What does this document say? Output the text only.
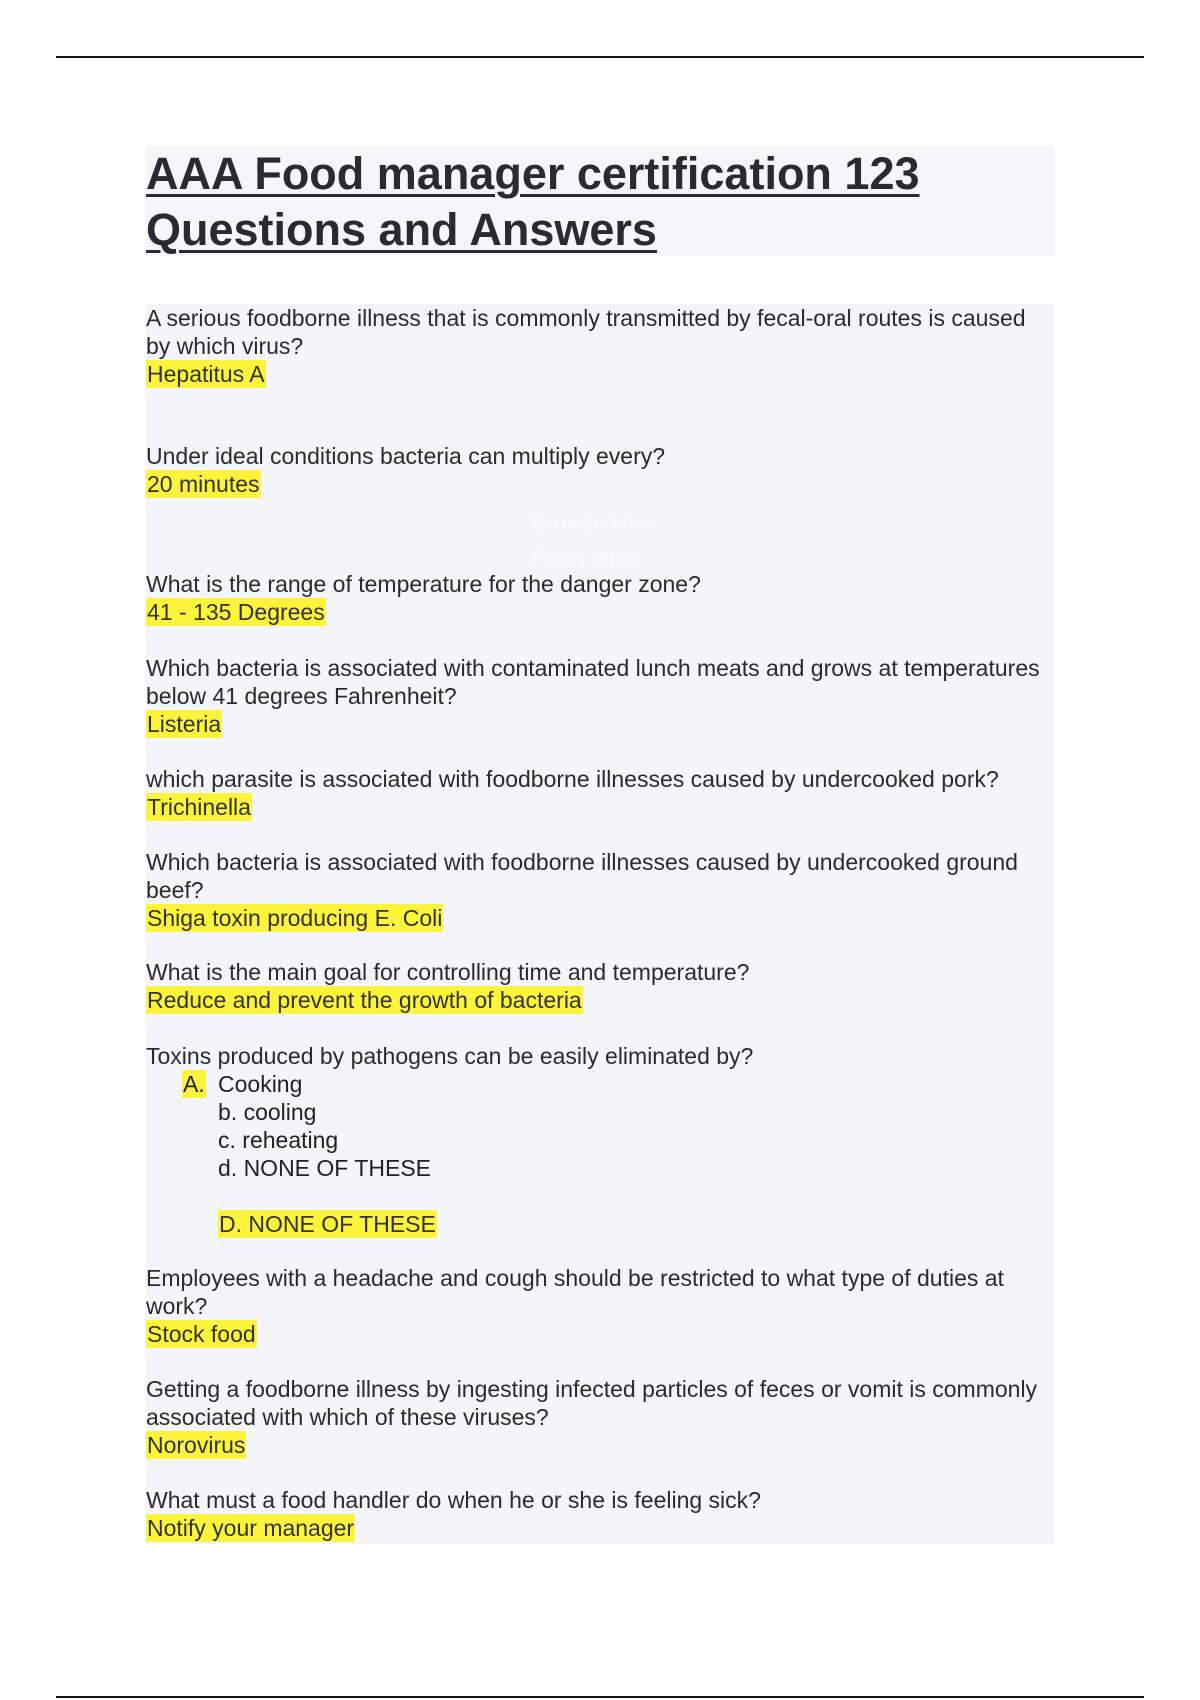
AAA Food manager certification 123 Questions and Answers
A serious foodborne illness that is commonly transmitted by fecal-oral routes is caused by which virus?
Hepatitus A
Under ideal conditions bacteria can multiply every?
20 minutes
What is the range of temperature for the danger zone?
41 - 135 Degrees
Which bacteria is associated with contaminated lunch meats and grows at temperatures below 41 degrees Fahrenheit?
Listeria
which parasite is associated with foodborne illnesses caused by undercooked pork?
Trichinella
Which bacteria is associated with foodborne illnesses caused by undercooked ground beef?
Shiga toxin producing E. Coli
What is the main goal for controlling time and temperature?
Reduce and prevent the growth of bacteria
Toxins produced by pathogens can be easily eliminated by?
A. Cooking
b. cooling
c. reheating
d. NONE OF THESE
D. NONE OF THESE
Employees with a headache and cough should be restricted to what type of duties at work?
Stock food
Getting a foodborne illness by ingesting infected particles of feces or vomit is commonly associated with which of these viruses?
Norovirus
What must a food handler do when he or she is feeling sick?
Notify your manager
Browse Now
Read More
